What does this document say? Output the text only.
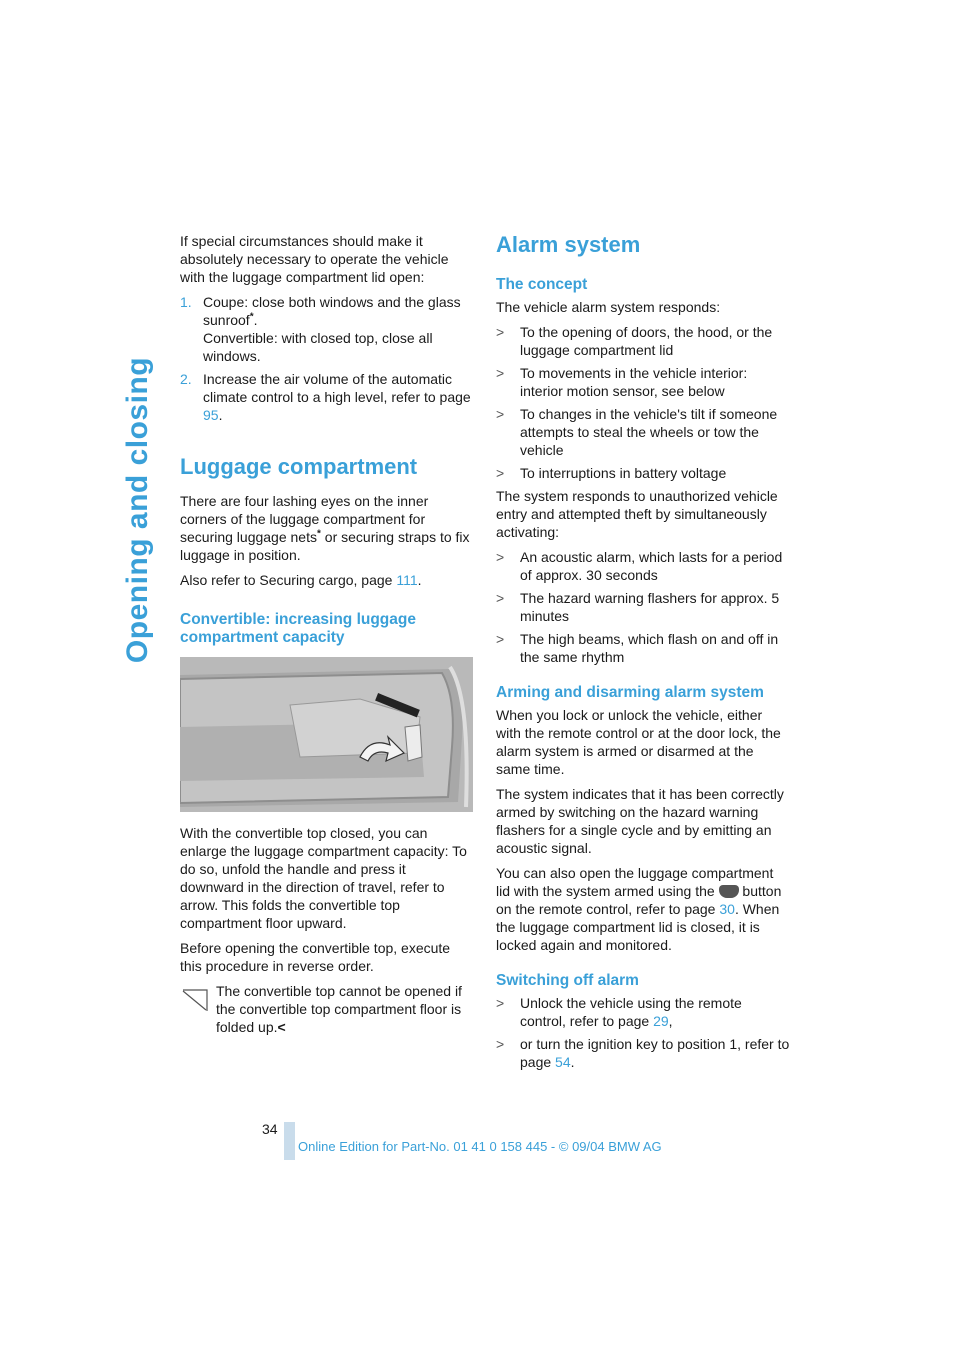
Opening and closing

If special circumstances should make it absolutely necessary to operate the vehicle with the luggage compartment lid open:

1. Coupe: close both windows and the glass sunroof*.
Convertible: with closed top, close all windows.
2. Increase the air volume of the automatic climate control to a high level, refer to page 95.
Luggage compartment

There are four lashing eyes on the inner corners of the luggage compartment for securing luggage nets* or securing straps to fix luggage in position.

Also refer to Securing cargo, page 111.

Convertible: increasing luggage compartment capacity

With the convertible top closed, you can enlarge the luggage compartment capacity: To do so, unfold the handle and press it downward in the direction of travel, refer to arrow. This folds the convertible top compartment floor upward.

Before opening the convertible top, execute this procedure in reverse order.

The convertible top cannot be opened if the convertible top compartment floor is folded up.<
Alarm system
The concept

The vehicle alarm system responds:

> To the opening of doors, the hood, or the luggage compartment lid
> To movements in the vehicle interior: interior motion sensor, see below
> To changes in the vehicle's tilt if someone attempts to steal the wheels or tow the vehicle
> To interruptions in battery voltage

The system responds to unauthorized vehicle entry and attempted theft by simultaneously activating:

> An acoustic alarm, which lasts for a period of approx. 30 seconds
> The hazard warning flashers for approx. 5 minutes
> The high beams, which flash on and off in the same rhythm
Arming and disarming alarm system

When you lock or unlock the vehicle, either with the remote control or at the door lock, the alarm system is armed or disarmed at the same time.

The system indicates that it has been correctly armed by switching on the hazard warning flashers for a single cycle and by emitting an acoustic signal.

You can also open the luggage compartment lid with the system armed using the  button on the remote control, refer to page 30. When the luggage compartment lid is closed, it is locked again and monitored.

Switching off alarm
> Unlock the vehicle using the remote control, refer to page 29,
> or turn the ignition key to position 1, refer to page 54.
34
Online Edition for Part-No. 01 41 0 158 445 - © 09/04 BMW AG
